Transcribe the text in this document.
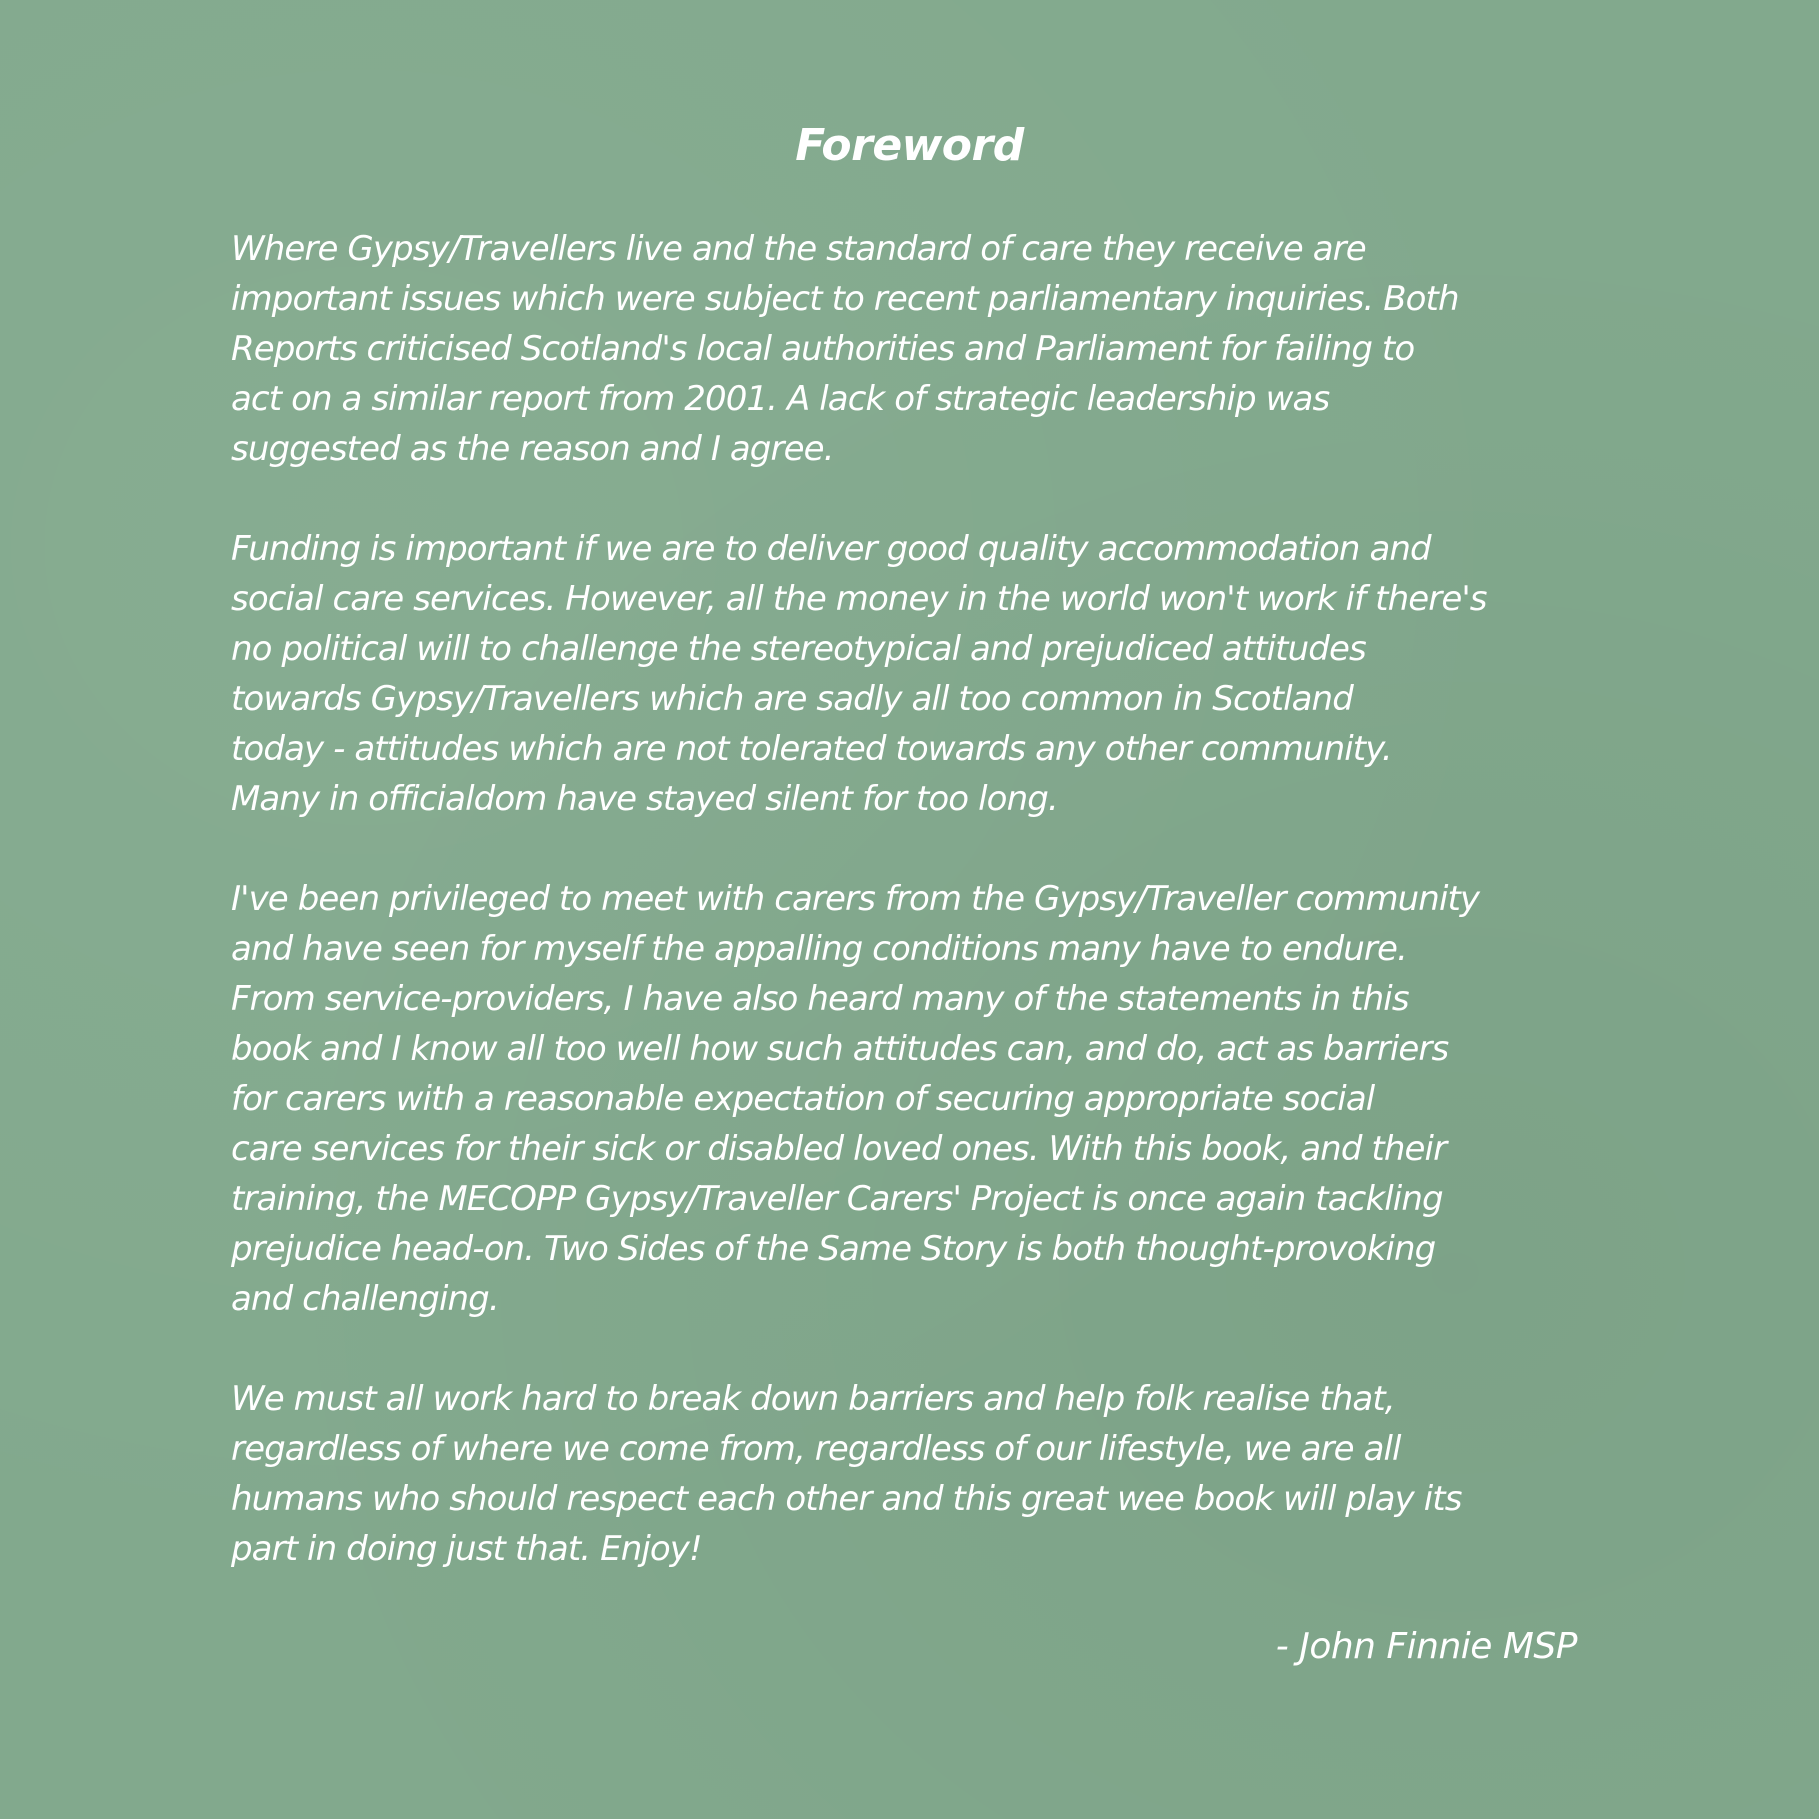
Foreword
Where Gypsy/Travellers live and the standard of care they receive are
important issues which were subject to recent parliamentary inquiries. Both
Reports criticised Scotland's local authorities and Parliament for failing to
act on a similar report from 2001. A lack of strategic leadership was
suggested as the reason and I agree.
Funding is important if we are to deliver good quality accommodation and
social care services. However, all the money in the world won't work if there's
no political will to challenge the stereotypical and prejudiced attitudes
towards Gypsy/Travellers which are sadly all too common in Scotland
today - attitudes which are not tolerated towards any other community.
Many in officialdom have stayed silent for too long.
I've been privileged to meet with carers from the Gypsy/Traveller community
and have seen for myself the appalling conditions many have to endure.
From service-providers, I have also heard many of the statements in this
book and I know all too well how such attitudes can, and do, act as barriers
for carers with a reasonable expectation of securing appropriate social
care services for their sick or disabled loved ones. With this book, and their
training, the MECOPP Gypsy/Traveller Carers' Project is once again tackling
prejudice head-on. Two Sides of the Same Story is both thought-provoking
and challenging.
We must all work hard to break down barriers and help folk realise that,
regardless of where we come from, regardless of our lifestyle, we are all
humans who should respect each other and this great wee book will play its
part in doing just that. Enjoy!
- John Finnie MSP
